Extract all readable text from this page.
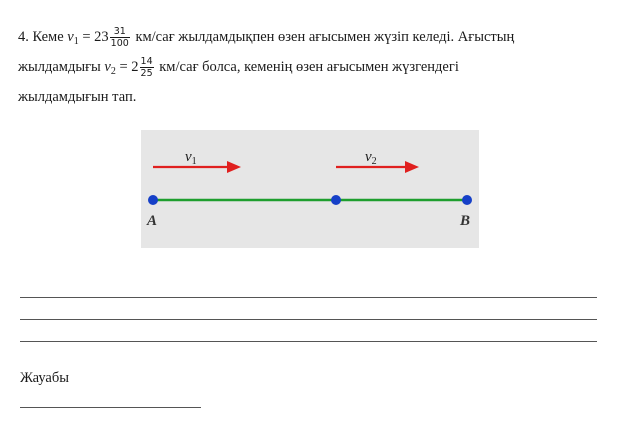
4. Кеме $v_1 = 23 \frac{31}{100} км/сағ$ жылдамдықпен өзен ағысымен жүзіп келеді. Ағыстың
жылдамдығы $v_2 = 2 \frac{14}{25} км/сағ$ болса, кеменің өзен ағысымен жүзгендегі
жылдамдығын тап.
$v_1$	$v_2$
A	B
Жауабы
